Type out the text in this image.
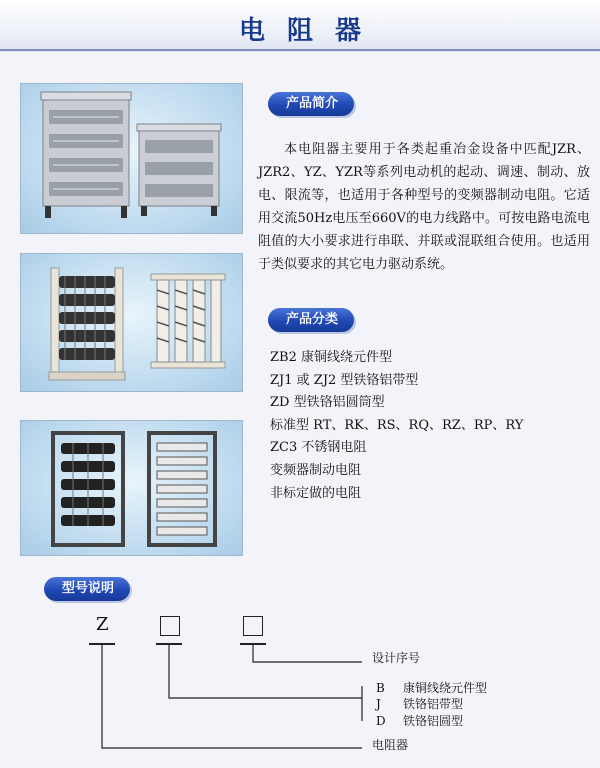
电阻器
产品简介
本电阻器主要用于各类起重冶金设备中匹配JZR、JZR2、YZ、YZR等系列电动机的起动、调速、制动、放电、限流等，也适用于各种型号的变频器制动电阻。它适用交流50Hz电压至660V的电力线路中。可按电路电流电阻值的大小要求进行串联、并联或混联组合使用。也适用于类似要求的其它电力驱动系统。
产品分类
ZB2 康铜线绕元件型
ZJ1 或 ZJ2 型铁铬铝带型
ZD 型铁铬铝圆筒型
标准型 RT、RK、RS、RQ、RZ、RP、RY
ZC3 不锈钢电阻
变频器制动电阻
非标定做的电阻
型号说明
Z
设计序号
B 康铜线绕元件型
J 铁铬铝带型
D 铁铬铝圆型
电阻器
